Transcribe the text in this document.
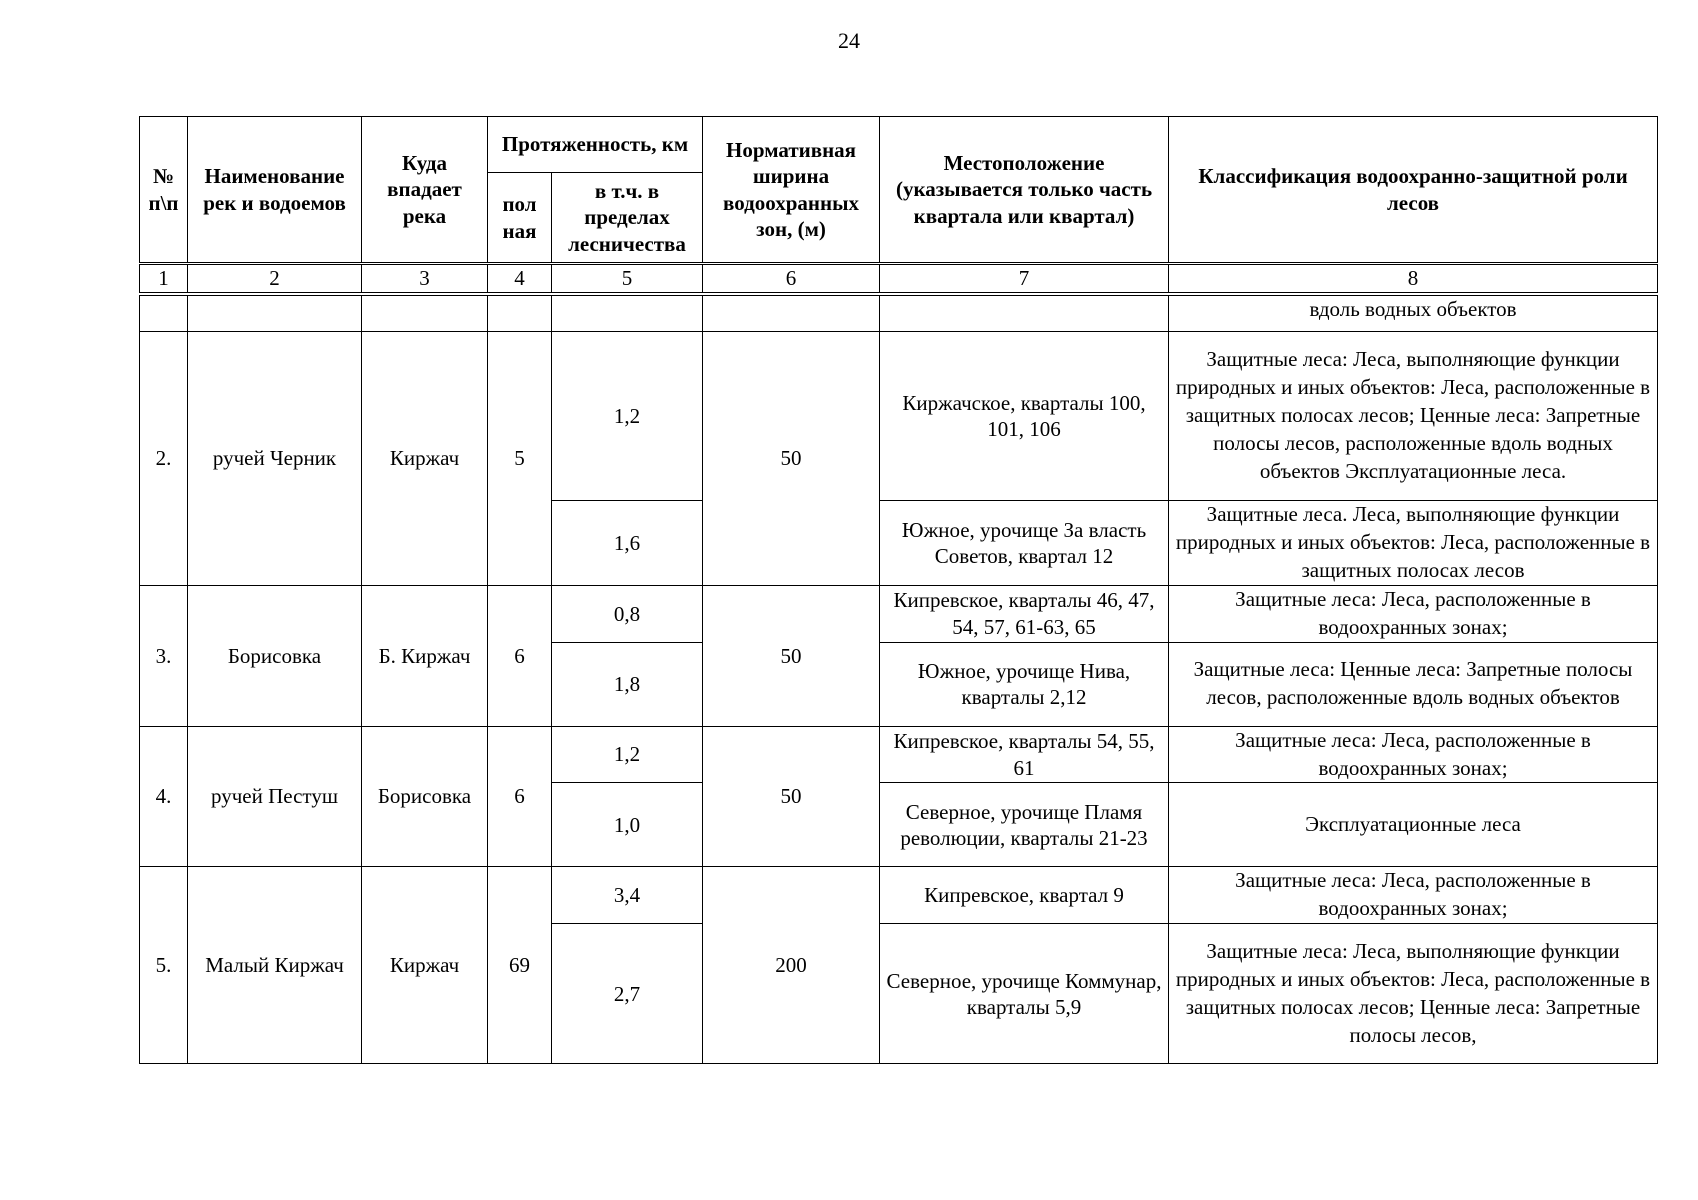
24
№ п\п	Наименование рек и водоемов	Куда впадает река	Протяженность, км		Нормативная ширина водоохранных зон, (м)	Местоположение (указывается только часть квартала или квартал)	Классификация водоохранно-защитной роли лесов
			пол ная	в т.ч. в пределах лесничества			
1	2	3	4	5	6	7	8
							вдоль водных объектов
2.	ручей Черник	Киржач	5	1,2	50	Киржачское, кварталы 100, 101, 106	Защитные леса: Леса, выполняющие функции природных и иных объектов: Леса, расположенные в защитных полосах лесов; Ценные леса: Запретные полосы лесов, расположенные вдоль водных объектов Эксплуатационные леса.
				1,6		Южное, урочище За власть Советов, квартал 12	Защитные леса. Леса, выполняющие функции природных и иных объектов: Леса, расположенные в защитных полосах лесов
3.	Борисовка	Б. Киржач	6	0,8	50	Кипревское, кварталы 46, 47, 54, 57, 61-63, 65	Защитные леса: Леса, расположенные в водоохранных зонах;
				1,8		Южное, урочище Нива, кварталы 2,12	Защитные леса: Ценные леса: Запретные полосы лесов, расположенные вдоль водных объектов
4.	ручей Пестуш	Борисовка	6	1,2	50	Кипревское, кварталы 54, 55, 61	Защитные леса: Леса, расположенные в водоохранных зонах;
				1,0		Северное, урочище Пламя революции, кварталы 21-23	Эксплуатационные леса
5.	Малый Киржач	Киржач	69	3,4	200	Кипревское, квартал 9	Защитные леса: Леса, расположенные в водоохранных зонах;
				2,7		Северное, урочище Коммунар, кварталы 5,9	Защитные леса: Леса, выполняющие функции природных и иных объектов: Леса, расположенные в защитных полосах лесов; Ценные леса: Запретные полосы лесов,
